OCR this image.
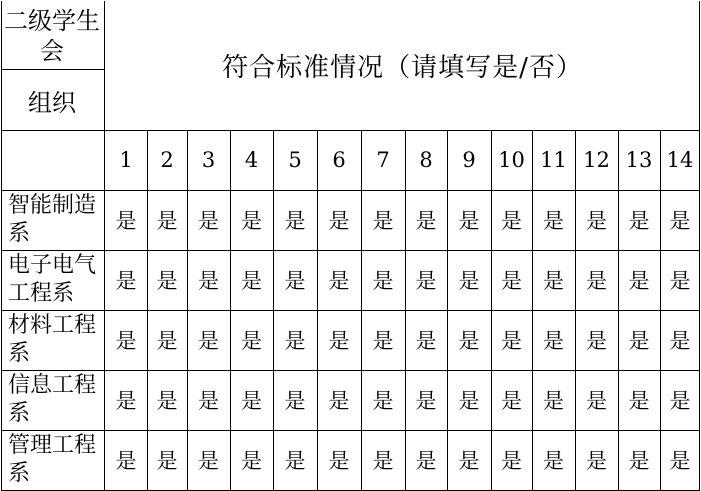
二级学生会
组织
符合标准情况（请填写是/否）
1	2	3	4	5	6	7	8	9	10 11 12 13 14
智能制造系	是 是 是	是	是	是	是	是	是	是	是	是	是 是
电子电气工程系	是 是 是	是	是	是	是	是	是	是	是	是	是 是
材料工程系	是 是 是	是	是	是	是	是	是	是	是	是	是 是
信息工程系	是 是 是	是	是	是	是	是	是	是	是	是	是 是
管理工程系	是 是 是	是	是	是	是	是	是	是	是	是	是 是
